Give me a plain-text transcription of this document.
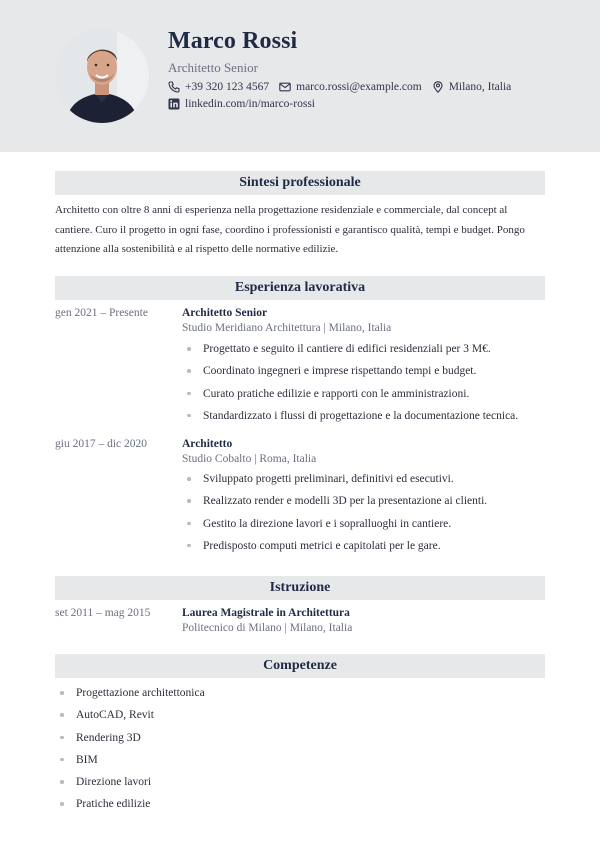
Marco Rossi
Architetto Senior
+39 320 123 4567 marco.rossi@example.com Milano, Italia
linkedin.com/in/marco-rossi
Sintesi professionale
Architetto con oltre 8 anni di esperienza nella progettazione residenziale e commerciale, dal concept al cantiere. Curo il progetto in ogni fase, coordino i professionisti e garantisco qualità, tempi e budget. Pongo attenzione alla sostenibilità e al rispetto delle normative edilizie.
Esperienza lavorativa
gen 2021 – Presente	Architetto Senior
Studio Meridiano Architettura | Milano, Italia
Progettato e seguito il cantiere di edifici residenziali per 3 M€.
Coordinato ingegneri e imprese rispettando tempi e budget.
Curato pratiche edilizie e rapporti con le amministrazioni.
Standardizzato i flussi di progettazione e la documentazione tecnica.
giu 2017 – dic 2020	Architetto
Studio Cobalto | Roma, Italia
Sviluppato progetti preliminari, definitivi ed esecutivi.
Realizzato render e modelli 3D per la presentazione ai clienti.
Gestito la direzione lavori e i sopralluoghi in cantiere.
Predisposto computi metrici e capitolati per le gare.
Istruzione
set 2011 – mag 2015	Laurea Magistrale in Architettura
Politecnico di Milano | Milano, Italia
Competenze
Progettazione architettonica
AutoCAD, Revit
Rendering 3D
BIM
Direzione lavori
Pratiche edilizie
